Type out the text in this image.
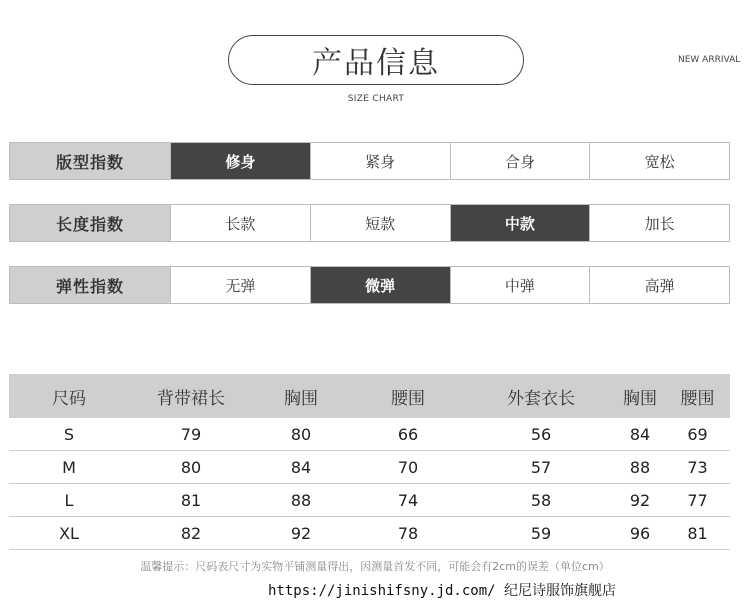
产品信息
SIZE CHART
NEW ARRIVAL
版型指数	修身	紧身	合身	宽松
长度指数	长款	短款	中款	加长
弹性指数	无弹	微弹	中弹	高弹
尺码	背带裙长	胸围	腰围	外套衣长	胸围	腰围
S	79	80	66	56	84	69
M	80	84	70	57	88	73
L	81	88	74	58	92	77
XL	82	92	78	59	96	81
温馨提示：尺码表尺寸为实物平铺测量得出，因测量首发不同，可能会有2cm的误差（单位cm）
https://jinishifsny.jd.com/ 纪尼诗服饰旗舰店
